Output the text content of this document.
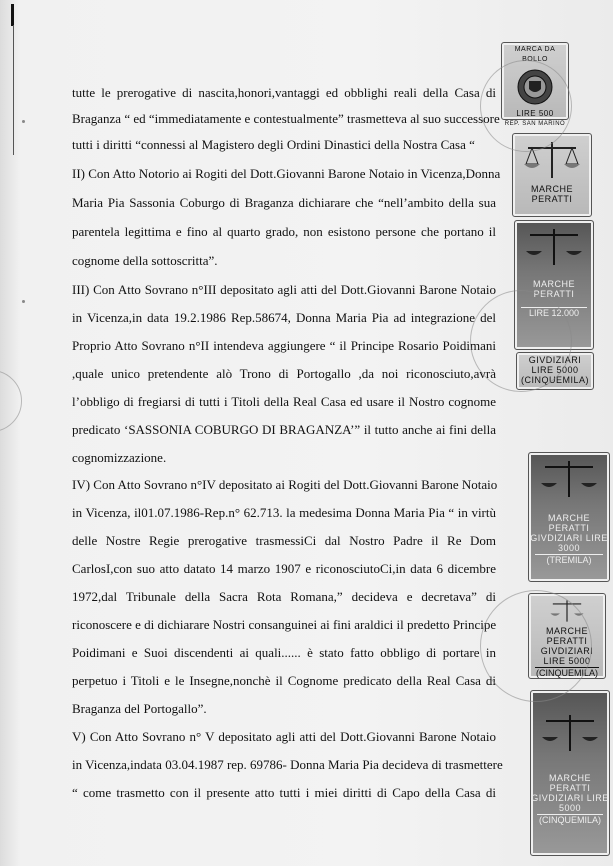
tutte le prerogative di nascita,honori,vantaggi ed obblighi reali della Casa di

Braganza “ ed “immediatamente e contestualmente” trasmetteva al suo successore

tutti i diritti “connessi al Magistero degli Ordini Dinastici della Nostra Casa “

II) Con Atto Notorio ai Rogiti del Dott.Giovanni Barone Notaio in Vicenza,Donna

Maria Pia Sassonia Coburgo di Braganza dichiarare che “nell’ambito della sua

parentela legittima e fino al quarto grado, non esistono persone che portano il

cognome della sottoscritta”.

III) Con Atto Sovrano n°III depositato agli atti del Dott.Giovanni Barone Notaio

in Vicenza,in data 19.2.1986 Rep.58674, Donna Maria Pia ad integrazione del

Proprio Atto Sovrano n°II intendeva aggiungere “ il Principe Rosario Poidimani

,quale unico pretendente alò Trono di Portogallo ,da noi riconosciuto,avrà

l’obbligo di fregiarsi di tutti i Titoli della Real Casa ed usare il Nostro cognome

predicato ‘SASSONIA COBURGO DI BRAGANZA’” il tutto anche ai fini della

cognomizzazione.

IV) Con Atto Sovrano n°IV depositato ai Rogiti del Dott.Giovanni Barone Notaio

in Vicenza, il01.07.1986-Rep.n° 62.713. la medesima Donna Maria Pia “ in virtù

delle Nostre Regie prerogative trasmessiCi dal Nostro Padre il Re Dom

CarlosI,con suo atto datato 14 marzo 1907 e riconosciutoCi,in data 6 dicembre

1972,dal Tribunale della Sacra Rota Romana,” decideva e decretava” di

riconoscere e di dichiarare Nostri consanguinei ai fini araldici il predetto Principe

Poidimani e Suoi discendenti ai quali...... è stato fatto obbligo di portare in

perpetuo i Titoli e le Insegne,nonchè il Cognome predicato della Real Casa di

Braganza del Portogallo”.

V) Con Atto Sovrano n° V depositato agli atti del Dott.Giovanni Barone Notaio

in Vicenza,indata 03.04.1987 rep. 69786- Donna Maria Pia decideva di trasmettere

“ come trasmetto con il presente atto tutti i miei diritti di Capo della Casa di

MARCA DA BOLLO
LIRE 500
REP. SAN MARINO
MARCHE
PERATTI
MARCHE
PERATTI
LIRE 12.000
GIVDIZIARI
LIRE 5000
(CINQUEMILA)
MARCHE PERATTI
GIVDIZIARI LIRE 3000
(TREMILA)
MARCHE PERATTI
GIVDIZIARI LIRE 5000
(CINQUEMILA)
MARCHE PERATTI
GIVDIZIARI LIRE 5000
(CINQUEMILA)
